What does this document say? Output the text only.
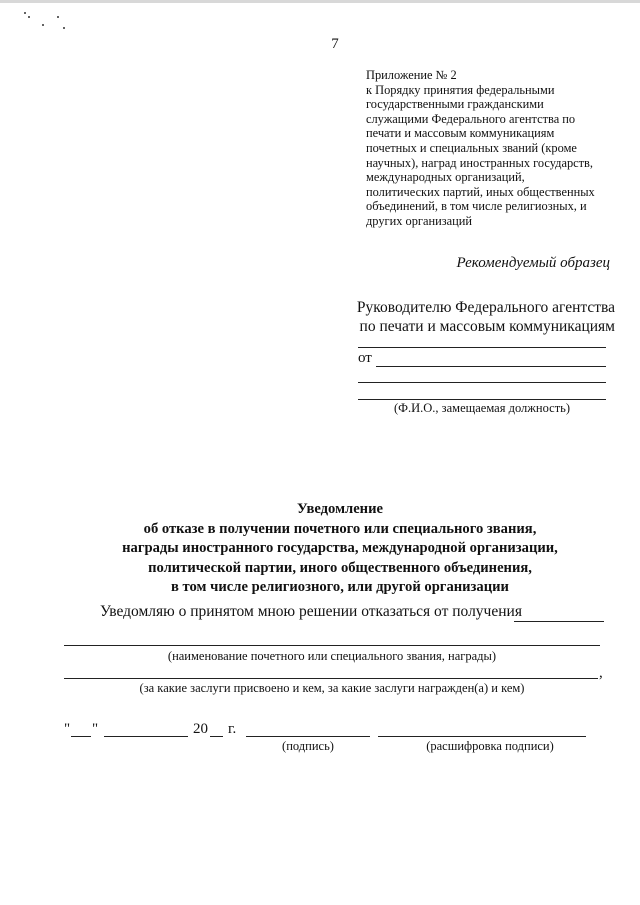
7
Приложение № 2
к Порядку принятия федеральными
государственными гражданскими
служащими Федерального агентства по
печати и массовым коммуникациям
почетных и специальных званий (кроме
научных), наград иностранных государств,
международных организаций,
политических партий, иных общественных
объединений, в том числе религиозных, и
других организаций
Рекомендуемый образец
Руководителю Федерального агентства
по печати и массовым коммуникациям
от
(Ф.И.О., замещаемая должность)
Уведомление
об отказе в получении почетного или специального звания,
награды иностранного государства, международной организации,
политической партии, иного общественного объединения,
в том числе религиозного, или другой организации
Уведомляю о принятом мною решении отказаться от получения
(наименование почетного или специального звания, награды)
,
(за какие заслуги присвоено и кем, за какие заслуги награжден(а) и кем)
" "	20 г.
(подпись)	(расшифровка подписи)
